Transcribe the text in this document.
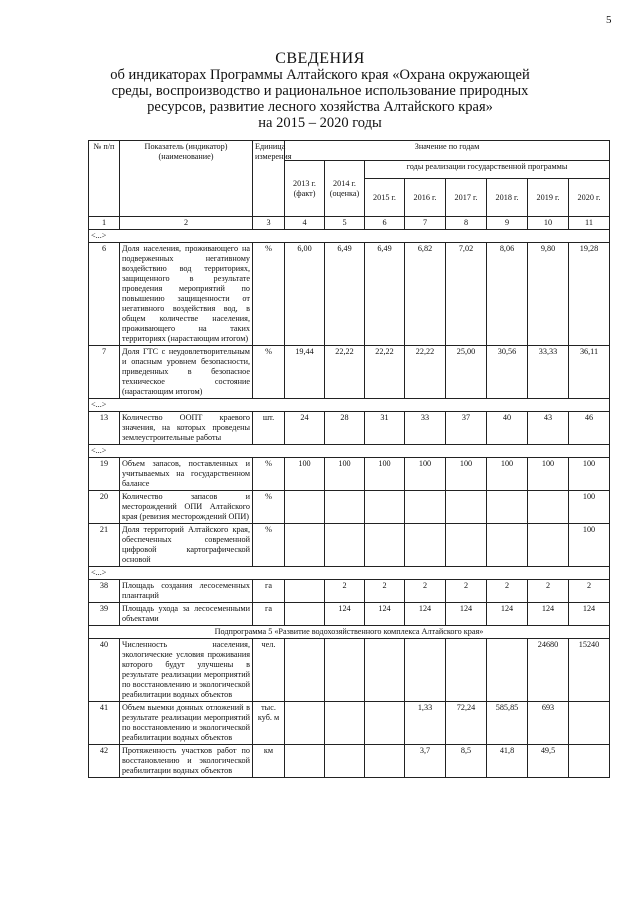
5
СВЕДЕНИЯ
об индикаторах Программы Алтайского края «Охрана окружающей
среды, воспроизводство и рациональное использование природных
ресурсов, развитие лесного хозяйства Алтайского края»
на 2015 – 2020 годы
№ п/п	Показатель (индикатор) (наименование)	Единица измерения	Значение по годам							
			2013 г. (факт)	2014 г. (оценка)	годы реализации государственной программы					
					2015 г.	2016 г.	2017 г.	2018 г.	2019 г.	2020 г.
1	2	3	4	5	6	7	8	9	10	11
<...>										
6	Доля населения, проживающего на подверженных негативному воздействию вод территориях, защищенного в результате проведения мероприятий по повышению защищенности от негативного воздействия вод, в общем количестве населения, проживающего на таких территориях (нарастающим итогом)	%	6,00	6,49	6,49	6,82	7,02	8,06	9,80	19,28
7	Доля ГТС с неудовлетворительным и опасным уровнем безопасности, приведенных в безопасное техническое состояние (нарастающим итогом)	%	19,44	22,22	22,22	22,22	25,00	30,56	33,33	36,11
<...>										
13	Количество ООПТ краевого значения, на которых проведены землеустроительные работы	шт.	24	28	31	33	37	40	43	46
<...>										
19	Объем запасов, поставленных и учитываемых на государственном балансе	%	100	100	100	100	100	100	100	100
20	Количество запасов и месторождений ОПИ Алтайского края (ревизия месторождений ОПИ)	%								100
21	Доля территорий Алтайского края, обеспеченных современной цифровой картографической основой	%								100
<...>										
38	Площадь создания лесосеменных плантаций	га		2	2	2	2	2	2	2
39	Площадь ухода за лесосеменными объектами	га		124	124	124	124	124	124	124
Подпрограмма 5 «Развитие водохозяйственного комплекса Алтайского края»										
40	Численность населения, экологические условия проживания которого будут улучшены в результате реализации мероприятий по восстановлению и экологической реабилитации водных объектов	чел.							24680	15240
41	Объем выемки донных отложений в результате реализации мероприятий по восстановлению и экологической реабилитации водных объектов	тыс. куб. м				1,33	72,24	585,85	693	
42	Протяженность участков работ по восстановлению и экологической реабилитации водных объектов	км				3,7	8,5	41,8	49,5	
